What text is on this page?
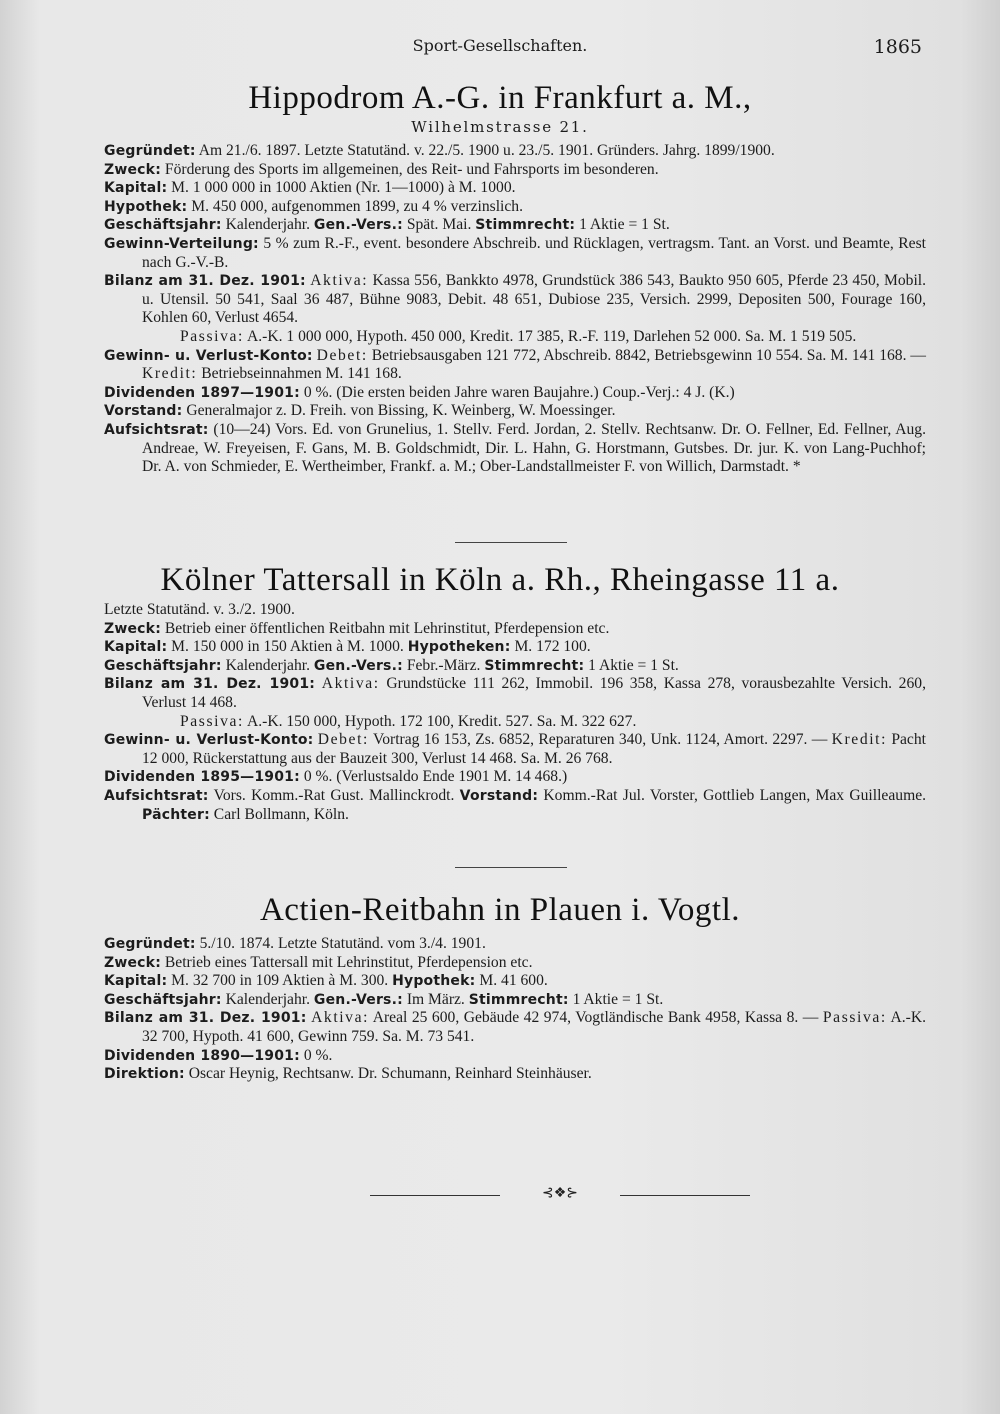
Sport-Gesellschaften.	1865
Hippodrom A.-G. in Frankfurt a. M.,
Wilhelmstrasse 21.

Gegründet: Am 21./6. 1897. Letzte Statutänd. v. 22./5. 1900 u. 23./5. 1901. Gründers. Jahrg. 1899/1900.

Zweck: Förderung des Sports im allgemeinen, des Reit- und Fahrsports im besonderen.

Kapital: M. 1 000 000 in 1000 Aktien (Nr. 1—1000) à M. 1000.

Hypothek: M. 450 000, aufgenommen 1899, zu 4 % verzinslich.

Geschäftsjahr: Kalenderjahr. Gen.-Vers.: Spät. Mai. Stimmrecht: 1 Aktie = 1 St.

Gewinn-Verteilung: 5 % zum R.-F., event. besondere Abschreib. und Rücklagen, vertragsm. Tant. an Vorst. und Beamte, Rest nach G.-V.-B.

Bilanz am 31. Dez. 1901: Aktiva: Kassa 556, Bankkto 4978, Grundstück 386 543, Baukto 950 605, Pferde 23 450, Mobil. u. Utensil. 50 541, Saal 36 487, Bühne 9083, Debit. 48 651, Dubiose 235, Versich. 2999, Depositen 500, Fourage 160, Kohlen 60, Verlust 4654.

Passiva: A.-K. 1 000 000, Hypoth. 450 000, Kredit. 17 385, R.-F. 119, Darlehen 52 000. Sa. M. 1 519 505.

Gewinn- u. Verlust-Konto: Debet: Betriebsausgaben 121 772, Abschreib. 8842, Betriebsgewinn 10 554. Sa. M. 141 168. — Kredit: Betriebseinnahmen M. 141 168.

Dividenden 1897—1901: 0 %. (Die ersten beiden Jahre waren Baujahre.) Coup.-Verj.: 4 J. (K.)

Vorstand: Generalmajor z. D. Freih. von Bissing, K. Weinberg, W. Moessinger.

Aufsichtsrat: (10—24) Vors. Ed. von Grunelius, 1. Stellv. Ferd. Jordan, 2. Stellv. Rechtsanw. Dr. O. Fellner, Ed. Fellner, Aug. Andreae, W. Freyeisen, F. Gans, M. B. Goldschmidt, Dir. L. Hahn, G. Horstmann, Gutsbes. Dr. jur. K. von Lang-Puchhof; Dr. A. von Schmieder, E. Wertheimber, Frankf. a. M.; Ober-Landstallmeister F. von Willich, Darmstadt. *

Kölner Tattersall in Köln a. Rh., Rheingasse 11 a.

Letzte Statutänd. v. 3./2. 1900.

Zweck: Betrieb einer öffentlichen Reitbahn mit Lehrinstitut, Pferdepension etc.

Kapital: M. 150 000 in 150 Aktien à M. 1000. Hypotheken: M. 172 100.

Geschäftsjahr: Kalenderjahr. Gen.-Vers.: Febr.-März. Stimmrecht: 1 Aktie = 1 St.

Bilanz am 31. Dez. 1901: Aktiva: Grundstücke 111 262, Immobil. 196 358, Kassa 278, vorausbezahlte Versich. 260, Verlust 14 468.

Passiva: A.-K. 150 000, Hypoth. 172 100, Kredit. 527. Sa. M. 322 627.

Gewinn- u. Verlust-Konto: Debet: Vortrag 16 153, Zs. 6852, Reparaturen 340, Unk. 1124, Amort. 2297. — Kredit: Pacht 12 000, Rückerstattung aus der Bauzeit 300, Verlust 14 468. Sa. M. 26 768.

Dividenden 1895—1901: 0 %. (Verlustsaldo Ende 1901 M. 14 468.)

Aufsichtsrat: Vors. Komm.-Rat Gust. Mallinckrodt. Vorstand: Komm.-Rat Jul. Vorster, Gottlieb Langen, Max Guilleaume. Pächter: Carl Bollmann, Köln.

Actien-Reitbahn in Plauen i. Vogtl.

Gegründet: 5./10. 1874. Letzte Statutänd. vom 3./4. 1901.

Zweck: Betrieb eines Tattersall mit Lehrinstitut, Pferdepension etc.

Kapital: M. 32 700 in 109 Aktien à M. 300. Hypothek: M. 41 600.

Geschäftsjahr: Kalenderjahr. Gen.-Vers.: Im März. Stimmrecht: 1 Aktie = 1 St.

Bilanz am 31. Dez. 1901: Aktiva: Areal 25 600, Gebäude 42 974, Vogtländische Bank 4958, Kassa 8. — Passiva: A.-K. 32 700, Hypoth. 41 600, Gewinn 759. Sa. M. 73 541.

Dividenden 1890—1901: 0 %.

Direktion: Oscar Heynig, Rechtsanw. Dr. Schumann, Reinhard Steinhäuser.

⊰❖⊱
